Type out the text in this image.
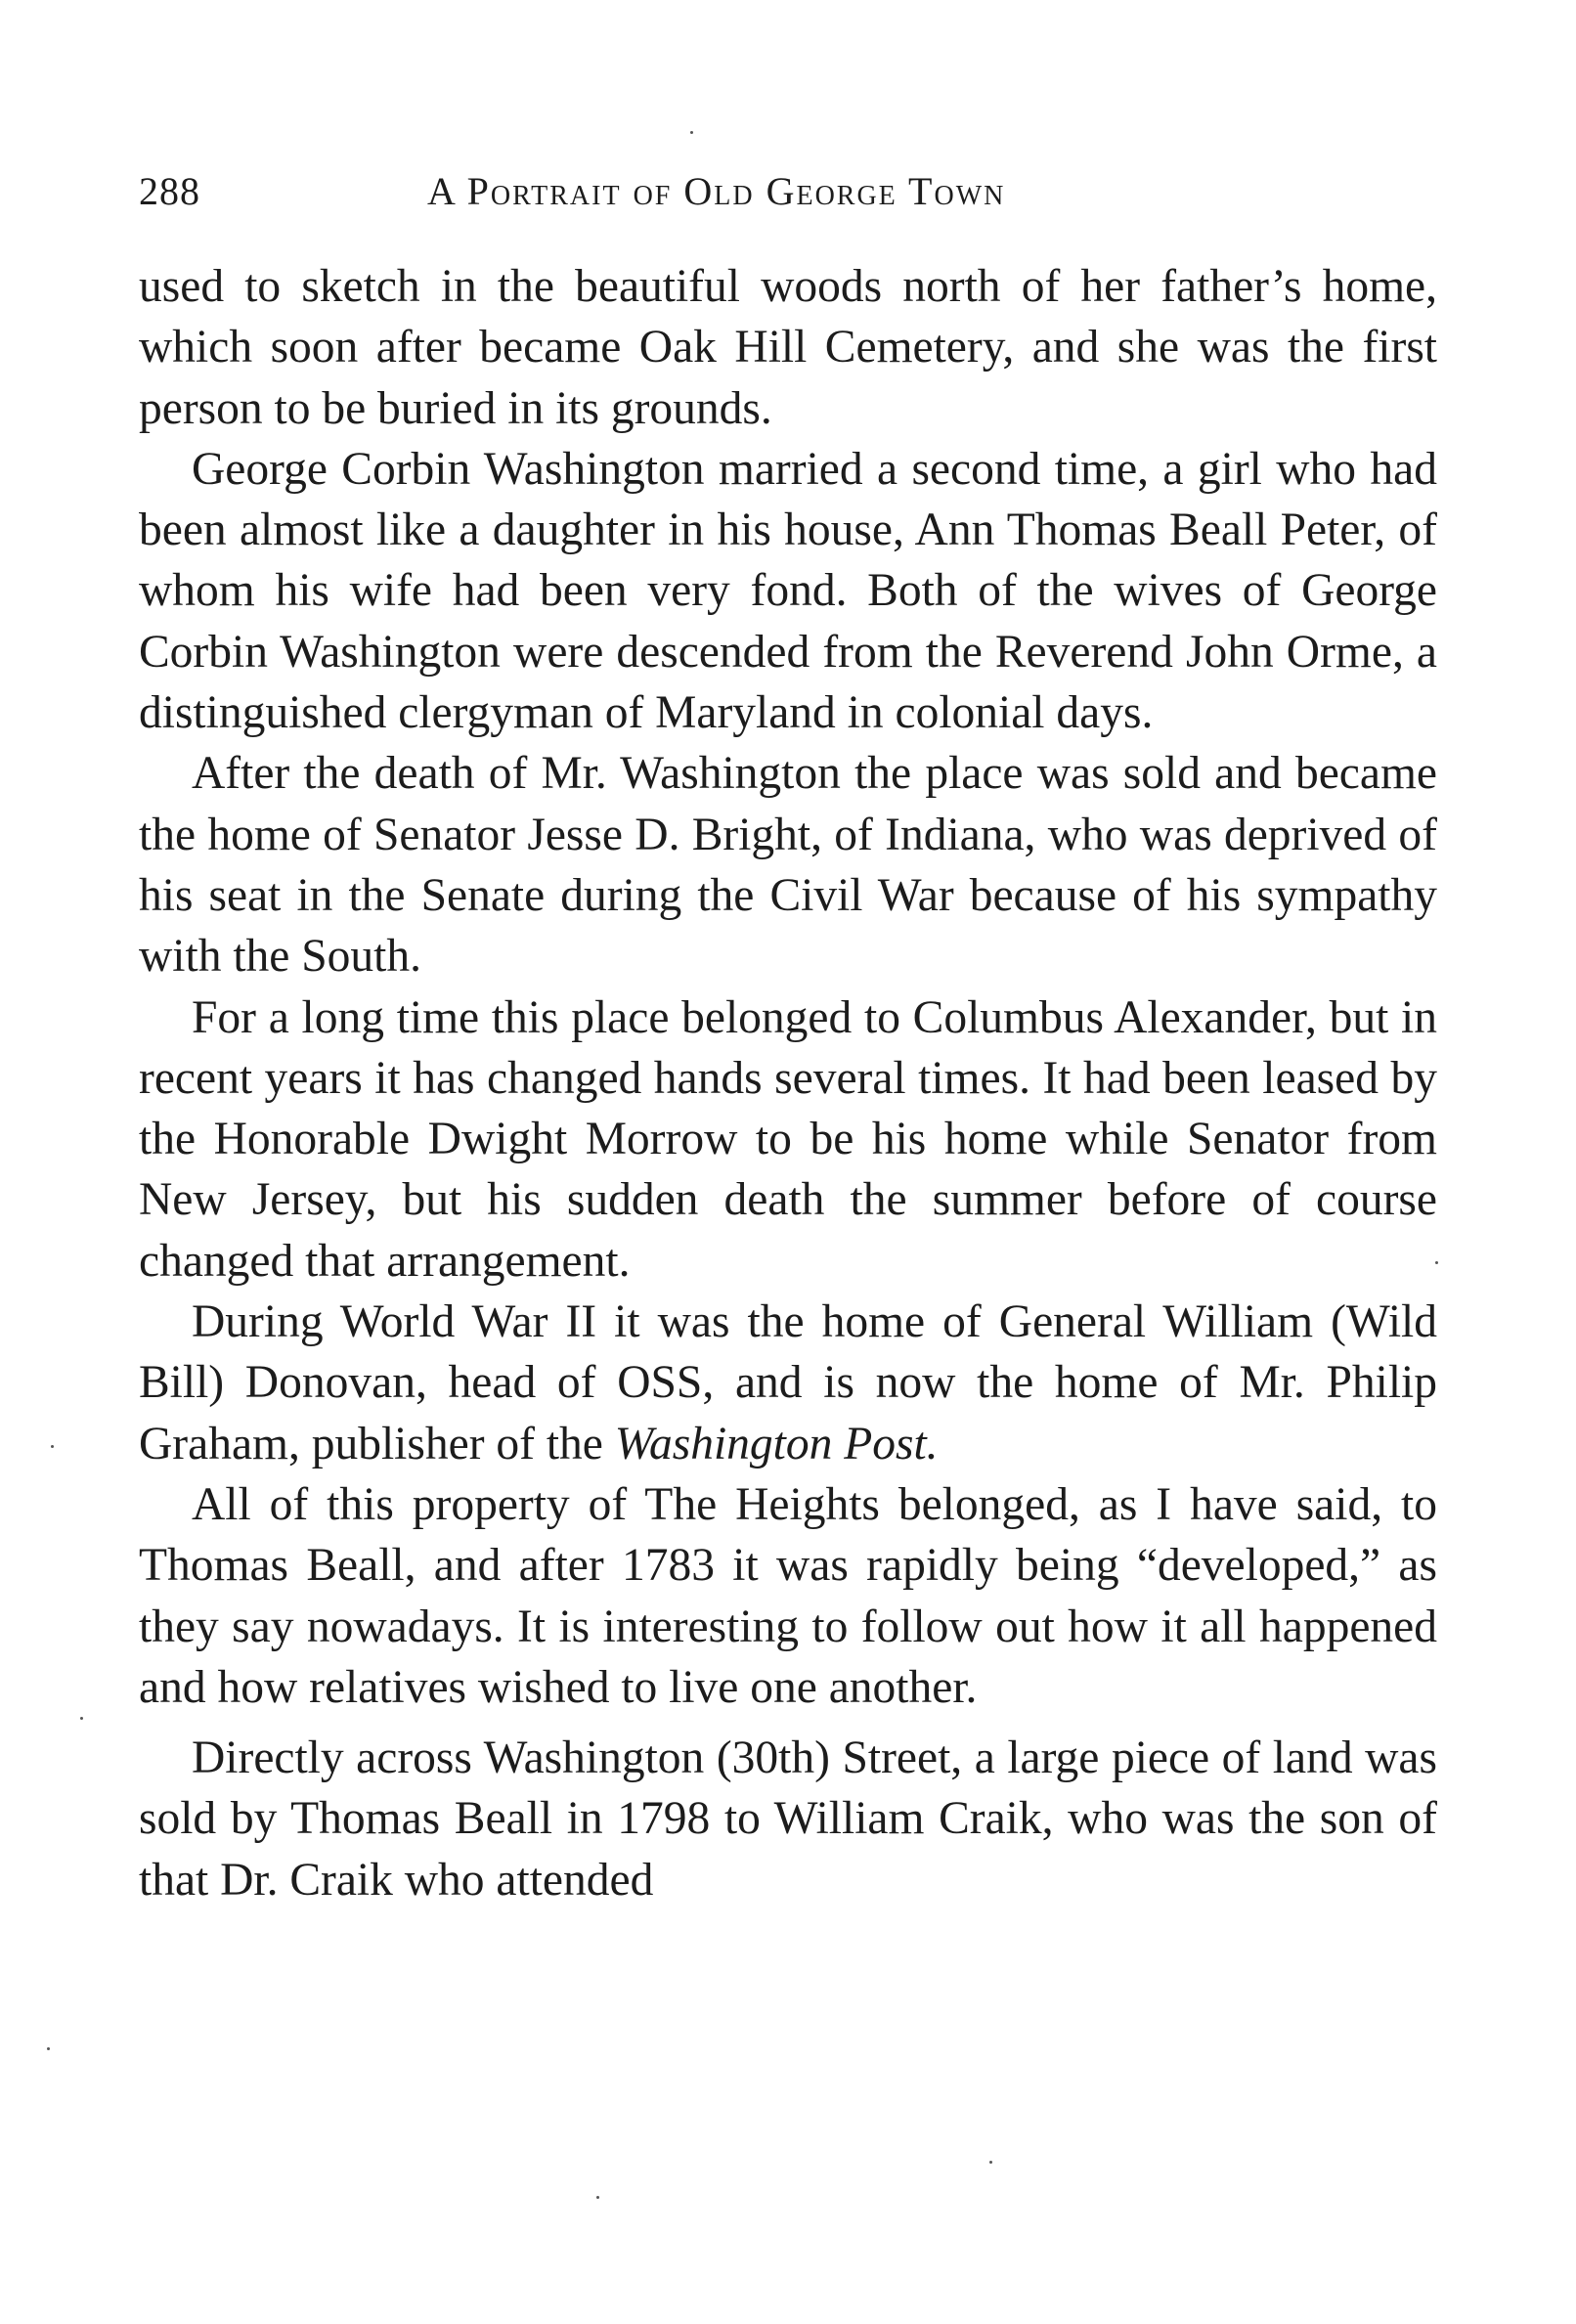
288	A Portrait of Old George Town

used to sketch in the beautiful woods north of her father’s home, which soon after became Oak Hill Cemetery, and she was the first person to be buried in its grounds.

George Corbin Washington married a second time, a girl who had been almost like a daughter in his house, Ann Thomas Beall Peter, of whom his wife had been very fond. Both of the wives of George Corbin Washington were descended from the Reverend John Orme, a distinguished clergyman of Maryland in colonial days.

After the death of Mr. Washington the place was sold and became the home of Senator Jesse D. Bright, of Indiana, who was deprived of his seat in the Senate during the Civil War because of his sympathy with the South.

For a long time this place belonged to Columbus Alexander, but in recent years it has changed hands several times. It had been leased by the Honorable Dwight Morrow to be his home while Senator from New Jersey, but his sudden death the summer before of course changed that arrangement.

During World War II it was the home of General William (Wild Bill) Donovan, head of OSS, and is now the home of Mr. Philip Graham, publisher of the Washington Post.

All of this property of The Heights belonged, as I have said, to Thomas Beall, and after 1783 it was rapidly being “developed,” as they say nowadays. It is interesting to follow out how it all happened and how relatives wished to live one another.

Directly across Washington (30th) Street, a large piece of land was sold by Thomas Beall in 1798 to William Craik, who was the son of that Dr. Craik who attended
